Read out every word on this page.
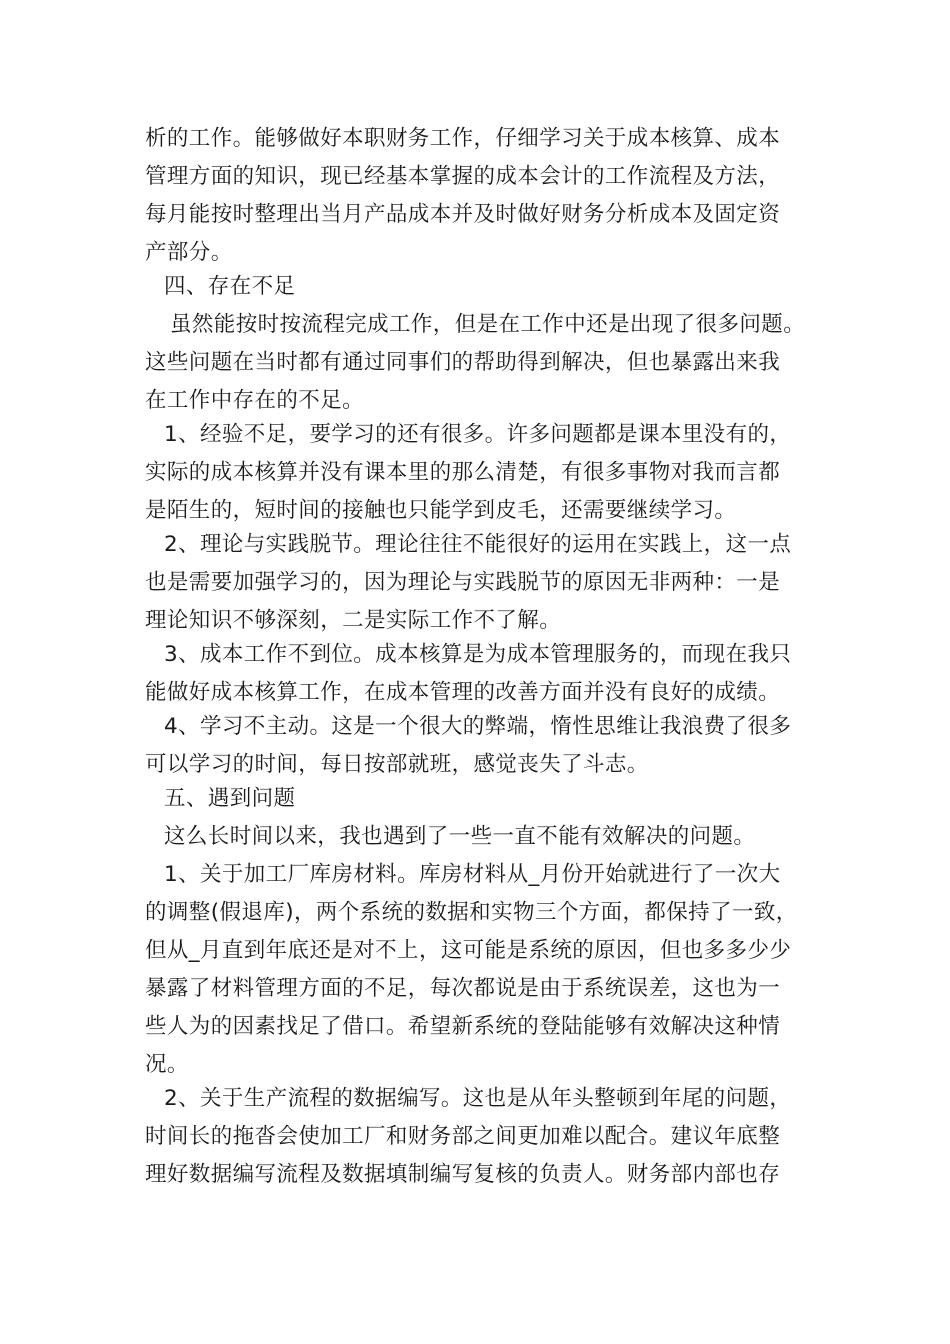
析的工作。能够做好本职财务工作，仔细学习关于成本核算、成本
管理方面的知识，现已经基本掌握的成本会计的工作流程及方法，
每月能按时整理出当月产品成本并及时做好财务分析成本及固定资
产部分。
四、存在不足
虽然能按时按流程完成工作，但是在工作中还是出现了很多问题。
这些问题在当时都有通过同事们的帮助得到解决，但也暴露出来我
在工作中存在的不足。
1、经验不足，要学习的还有很多。许多问题都是课本里没有的，
实际的成本核算并没有课本里的那么清楚，有很多事物对我而言都
是陌生的，短时间的接触也只能学到皮毛，还需要继续学习。
2、理论与实践脱节。理论往往不能很好的运用在实践上，这一点
也是需要加强学习的，因为理论与实践脱节的原因无非两种：一是
理论知识不够深刻，二是实际工作不了解。
3、成本工作不到位。成本核算是为成本管理服务的，而现在我只
能做好成本核算工作，在成本管理的改善方面并没有良好的成绩。
4、学习不主动。这是一个很大的弊端，惰性思维让我浪费了很多
可以学习的时间，每日按部就班，感觉丧失了斗志。
五、遇到问题
这么长时间以来，我也遇到了一些一直不能有效解决的问题。
1、关于加工厂库房材料。库房材料从_月份开始就进行了一次大
的调整(假退库)，两个系统的数据和实物三个方面，都保持了一致，
但从_月直到年底还是对不上，这可能是系统的原因，但也多多少少
暴露了材料管理方面的不足，每次都说是由于系统误差，这也为一
些人为的因素找足了借口。希望新系统的登陆能够有效解决这种情
况。
2、关于生产流程的数据编写。这也是从年头整顿到年尾的问题，
时间长的拖沓会使加工厂和财务部之间更加难以配合。建议年底整
理好数据编写流程及数据填制编写复核的负责人。财务部内部也存
